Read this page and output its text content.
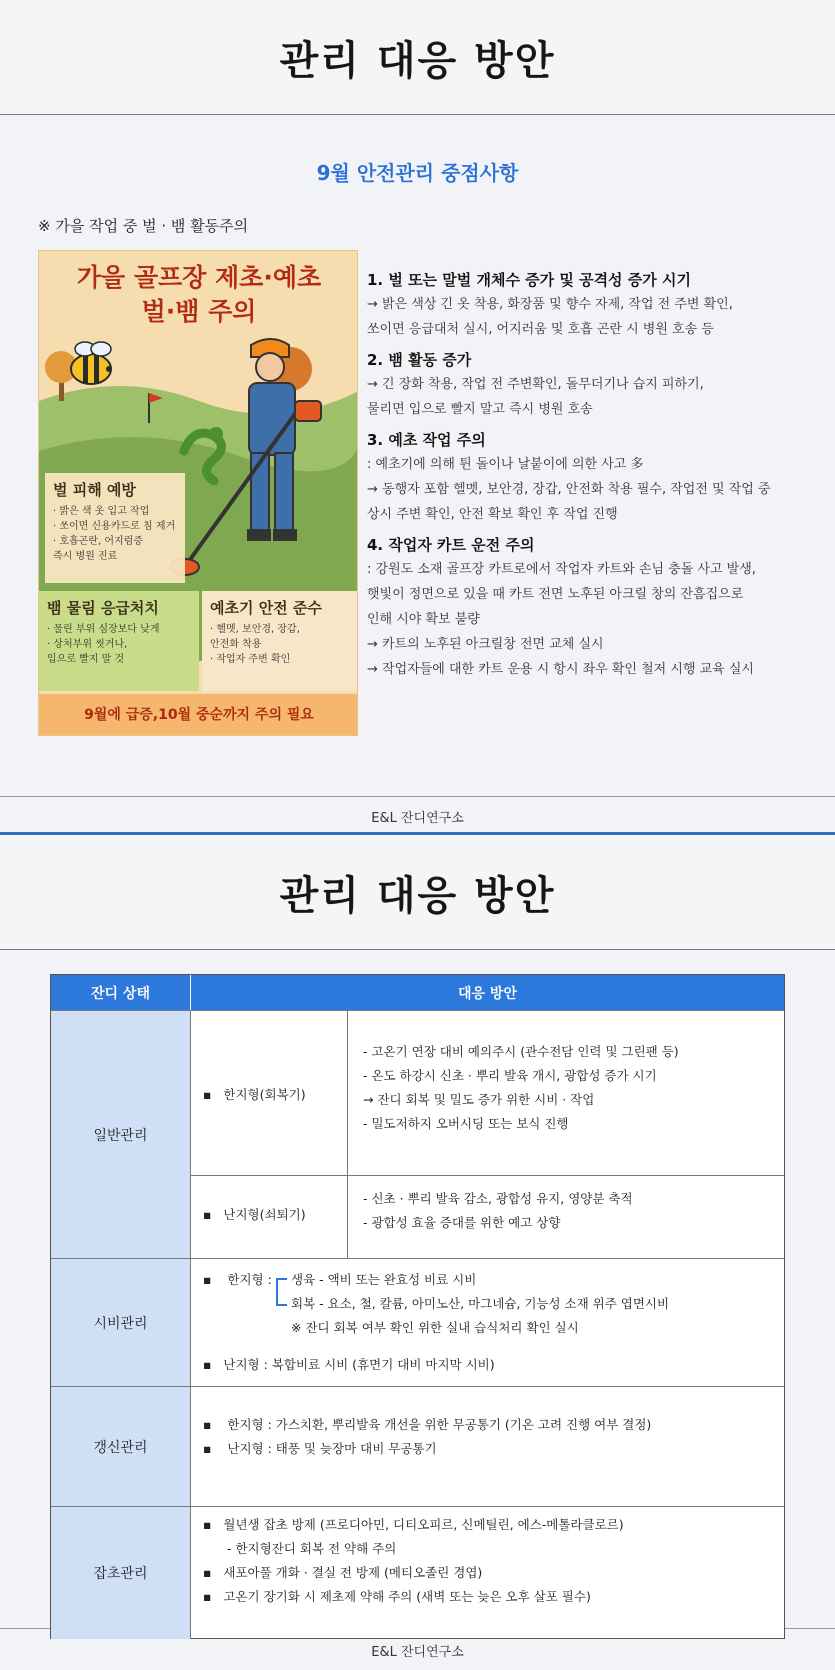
관리 대응 방안
9월 안전관리 중점사항
※ 가을 작업 중 벌 · 뱀 활동주의
가을 골프장 제초·예초
벌·뱀 주의
벌 피해 예방
· 밝은 색 옷 입고 작업
· 쏘이면 신용카드로 침 제거
· 호흡곤란, 어지럼증
즉시 병원 진료
뱀 물림 응급처치
· 물린 부위 심장보다 낮게
· 상처부위 씻거나,
입으로 빨지 말 것
예초기 안전 준수
· 헬멧, 보안경, 장갑,
안전화 착용
· 작업자 주변 확인
9월에 급증,10월 중순까지 주의 필요
1. 벌 또는 말벌 개체수 증가 및 공격성 증가 시기
→ 밝은 색상 긴 옷 착용, 화장품 및 향수 자제, 작업 전 주변 확인,
쏘이면 응급대처 실시, 어지러움 및 호흡 곤란 시 병원 호송 등
2. 뱀 활동 증가
→ 긴 장화 착용, 작업 전 주변확인, 돌무더기나 습지 피하기,
물리면 입으로 빨지 말고 즉시 병원 호송
3. 예초 작업 주의
: 예초기에 의해 튄 돌이나 날붙이에 의한 사고 多
→ 동행자 포함 헬멧, 보안경, 장갑, 안전화 착용 필수, 작업전 및 작업 중
상시 주변 확인, 안전 확보 확인 후 작업 진행
4. 작업자 카트 운전 주의
: 강원도 소재 골프장 카트로에서 작업자 카트와 손님 충돌 사고 발생,
햇빛이 정면으로 있을 때 카트 전면 노후된 아크릴 창의 잔흠집으로
인해 시야 확보 불량
→ 카트의 노후된 아크릴창 전면 교체 실시
→ 작업자들에 대한 카트 운용 시 항시 좌우 확인 철저 시행 교육 실시
E&L 잔디연구소
관리 대응 방안
E&L 잔디연구소
잔디 상태	대응 방안
일반관리
▪ 한지형(회복기)
- 고온기 연장 대비 예의주시 (관수전담 인력 및 그린팬 등)
- 온도 하강시 신초 · 뿌리 발육 개시, 광합성 증가 시기
→ 잔디 회복 및 밀도 증가 위한 시비 · 작업
- 밀도저하지 오버시딩 또는 보식 진행
▪ 난지형(쇠퇴기)
- 신초 · 뿌리 발육 감소, 광합성 유지, 영양분 축적
- 광합성 효율 증대를 위한 예고 상향
시비관리
▪ 한지형 : 생육 - 액비 또는 완효성 비료 시비
회복 - 요소, 철, 칼륨, 아미노산, 마그네슘, 기능성 소재 위주 엽면시비
※ 잔디 회복 여부 확인 위한 실내 습식처리 확인 실시
▪ 난지형 : 복합비료 시비 (휴면기 대비 마지막 시비)
갱신관리
▪ 한지형 : 가스치환, 뿌리발육 개선을 위한 무공통기 (기온 고려 진행 여부 결정)
▪ 난지형 : 태풍 및 늦장마 대비 무공통기
잡초관리
▪ 월년생 잡초 방제 (프로디아민, 디티오피르, 신메틸린, 에스-메톨라클로르)
- 한지형잔디 회복 전 약해 주의
▪ 새포아풀 개화 · 결실 전 방제 (메티오졸린 경엽)
▪ 고온기 장기화 시 제초제 약해 주의 (새벽 또는 늦은 오후 살포 필수)
